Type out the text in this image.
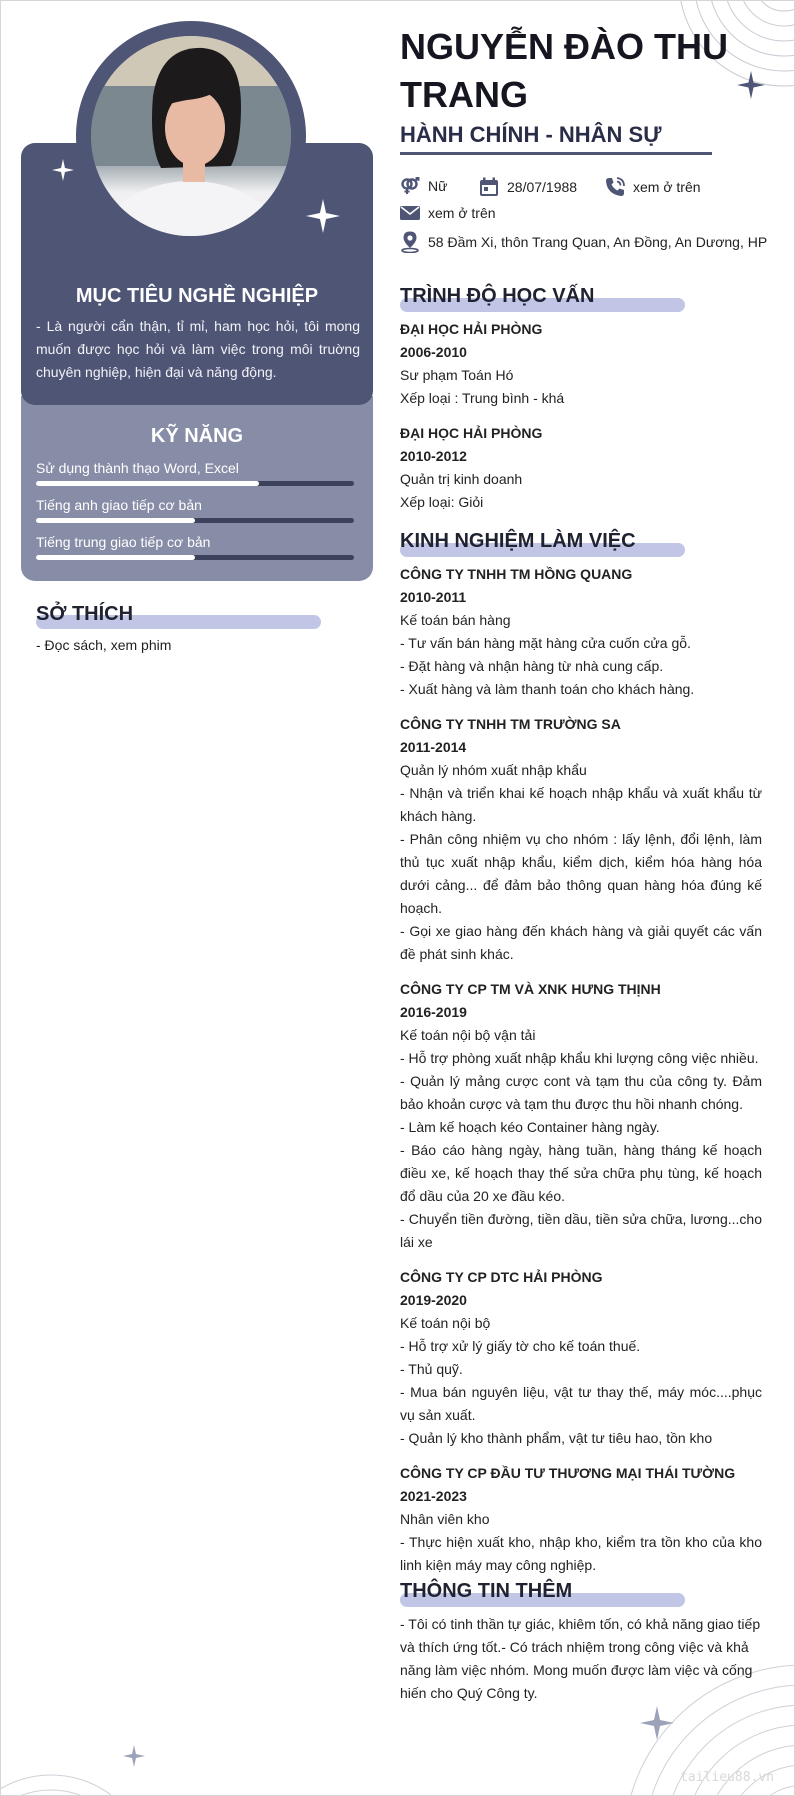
MỤC TIÊU NGHỀ NGHIỆP
- Là người cẩn thận, tỉ mỉ, ham học hỏi, tôi mong muốn được học hỏi và làm việc trong môi truờng chuyên nghiệp, hiện đại và năng động.
KỸ NĂNG
Sử dụng thành thạo Word, Excel
Tiếng anh giao tiếp cơ bản
Tiếng trung giao tiếp cơ bản
SỞ THÍCH
- Đọc sách, xem phim
NGUYỄN ĐÀO THU TRANG
HÀNH CHÍNH - NHÂN SỰ
Nữ	28/07/1988	xem ở trên
xem ở trên
58 Đầm Xi, thôn Trang Quan, An Đồng, An Dương, HP
TRÌNH ĐỘ HỌC VẤN
ĐẠI HỌC HẢI PHÒNG
2006-2010
Sư phạm Toán Hó
Xếp loại : Trung bình - khá
ĐẠI HỌC HẢI PHÒNG
2010-2012
Quản trị kinh doanh
Xếp loại: Giỏi
KINH NGHIỆM LÀM VIỆC
CÔNG TY TNHH TM HỒNG QUANG
2010-2011
Kế toán bán hàng
- Tư vấn bán hàng mặt hàng cửa cuốn cửa gỗ.
- Đặt hàng và nhận hàng từ nhà cung cấp.
- Xuất hàng và làm thanh toán cho khách hàng.
CÔNG TY TNHH TM TRƯỜNG SA
2011-2014
Quản lý nhóm xuất nhập khẩu
- Nhận và triển khai kế hoạch nhập khẩu và xuất khẩu từ khách hàng.
- Phân công nhiệm vụ cho nhóm : lấy lệnh, đổi lệnh, làm thủ tục xuất nhập khẩu, kiểm dịch, kiểm hóa hàng hóa dưới cảng... để đảm bảo thông quan hàng hóa đúng kế hoạch.
- Gọi xe giao hàng đến khách hàng và giải quyết các vấn đề phát sinh khác.
CÔNG TY CP TM VÀ XNK HƯNG THỊNH
2016-2019
Kế toán nội bộ vận tải
- Hỗ trợ phòng xuất nhập khẩu khi lượng công việc nhiều.
- Quản lý mảng cược cont và tạm thu của công ty. Đảm bảo khoản cược và tạm thu được thu hồi nhanh chóng.
- Làm kế hoạch kéo Container hàng ngày.
- Báo cáo hàng ngày, hàng tuần, hàng tháng kế hoạch điều xe, kế hoạch thay thế sửa chữa phụ tùng, kế hoạch đổ dầu của 20 xe đầu kéo.
- Chuyển tiền đường, tiền dầu, tiền sửa chữa, lương...cho lái xe
CÔNG TY CP DTC HẢI PHÒNG
2019-2020
Kế toán nội bộ
- Hỗ trợ xử lý giấy tờ cho kế toán thuế.
- Thủ quỹ.
- Mua bán nguyên liệu, vật tư thay thế, máy móc....phục vụ sản xuất.
- Quản lý kho thành phẩm, vật tư tiêu hao, tồn kho
CÔNG TY CP ĐẦU TƯ THƯƠNG MẠI THÁI TƯỜNG
2021-2023
Nhân viên kho
- Thực hiện xuất kho, nhập kho, kiểm tra tồn kho của kho linh kiện máy may công nghiệp.
THÔNG TIN THÊM
- Tôi có tinh thần tự giác, khiêm tốn, có khả năng giao tiếp và thích ứng tốt.- Có trách nhiệm trong công việc và khả năng làm việc nhóm. Mong muốn được làm việc và cống hiến cho Quý Công ty.
tailieu88.vn
